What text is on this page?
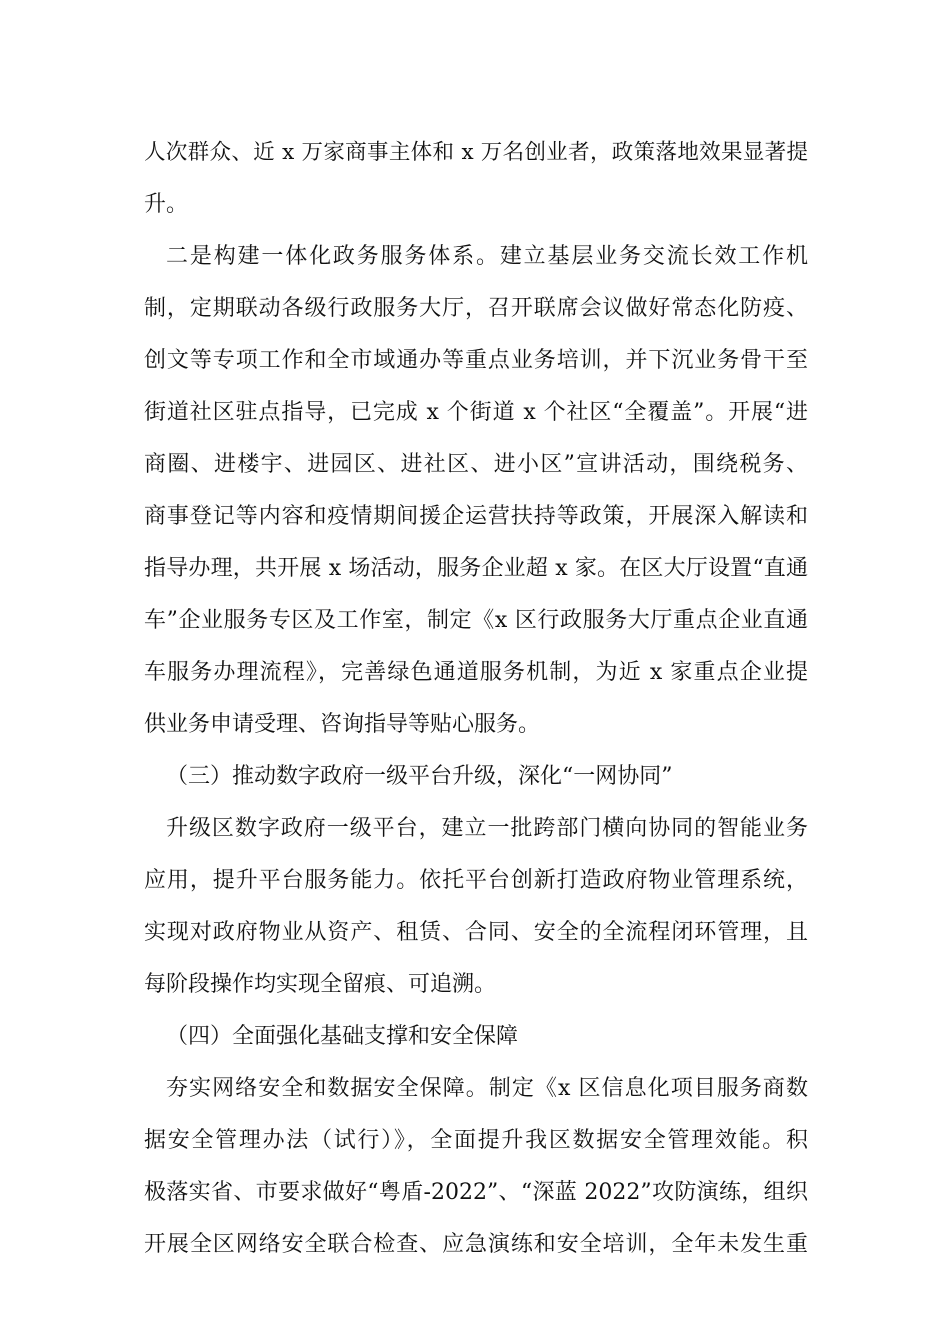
人次群众、近 x 万家商事主体和 x 万名创业者，政策落地效果显著提
升。
二是构建一体化政务服务体系。建立基层业务交流长效工作机
制，定期联动各级行政服务大厅，召开联席会议做好常态化防疫、
创文等专项工作和全市域通办等重点业务培训，并下沉业务骨干至
街道社区驻点指导，已完成 x 个街道 x 个社区“全覆盖”。开展“进
商圈、进楼宇、进园区、进社区、进小区”宣讲活动，围绕税务、
商事登记等内容和疫情期间援企运营扶持等政策，开展深入解读和
指导办理，共开展 x 场活动，服务企业超 x 家。在区大厅设置“直通
车”企业服务专区及工作室，制定《x 区行政服务大厅重点企业直通
车服务办理流程》，完善绿色通道服务机制，为近 x 家重点企业提
供业务申请受理、咨询指导等贴心服务。
（三）推动数字政府一级平台升级，深化“一网协同”
升级区数字政府一级平台，建立一批跨部门横向协同的智能业务
应用，提升平台服务能力。依托平台创新打造政府物业管理系统，
实现对政府物业从资产、租赁、合同、安全的全流程闭环管理，且
每阶段操作均实现全留痕、可追溯。
（四）全面强化基础支撑和安全保障
夯实网络安全和数据安全保障。制定《x 区信息化项目服务商数
据安全管理办法（试行）》，全面提升我区数据安全管理效能。积
极落实省、市要求做好“粤盾-2022”、“深蓝 2022”攻防演练，组织
开展全区网络安全联合检查、应急演练和安全培训，全年未发生重
